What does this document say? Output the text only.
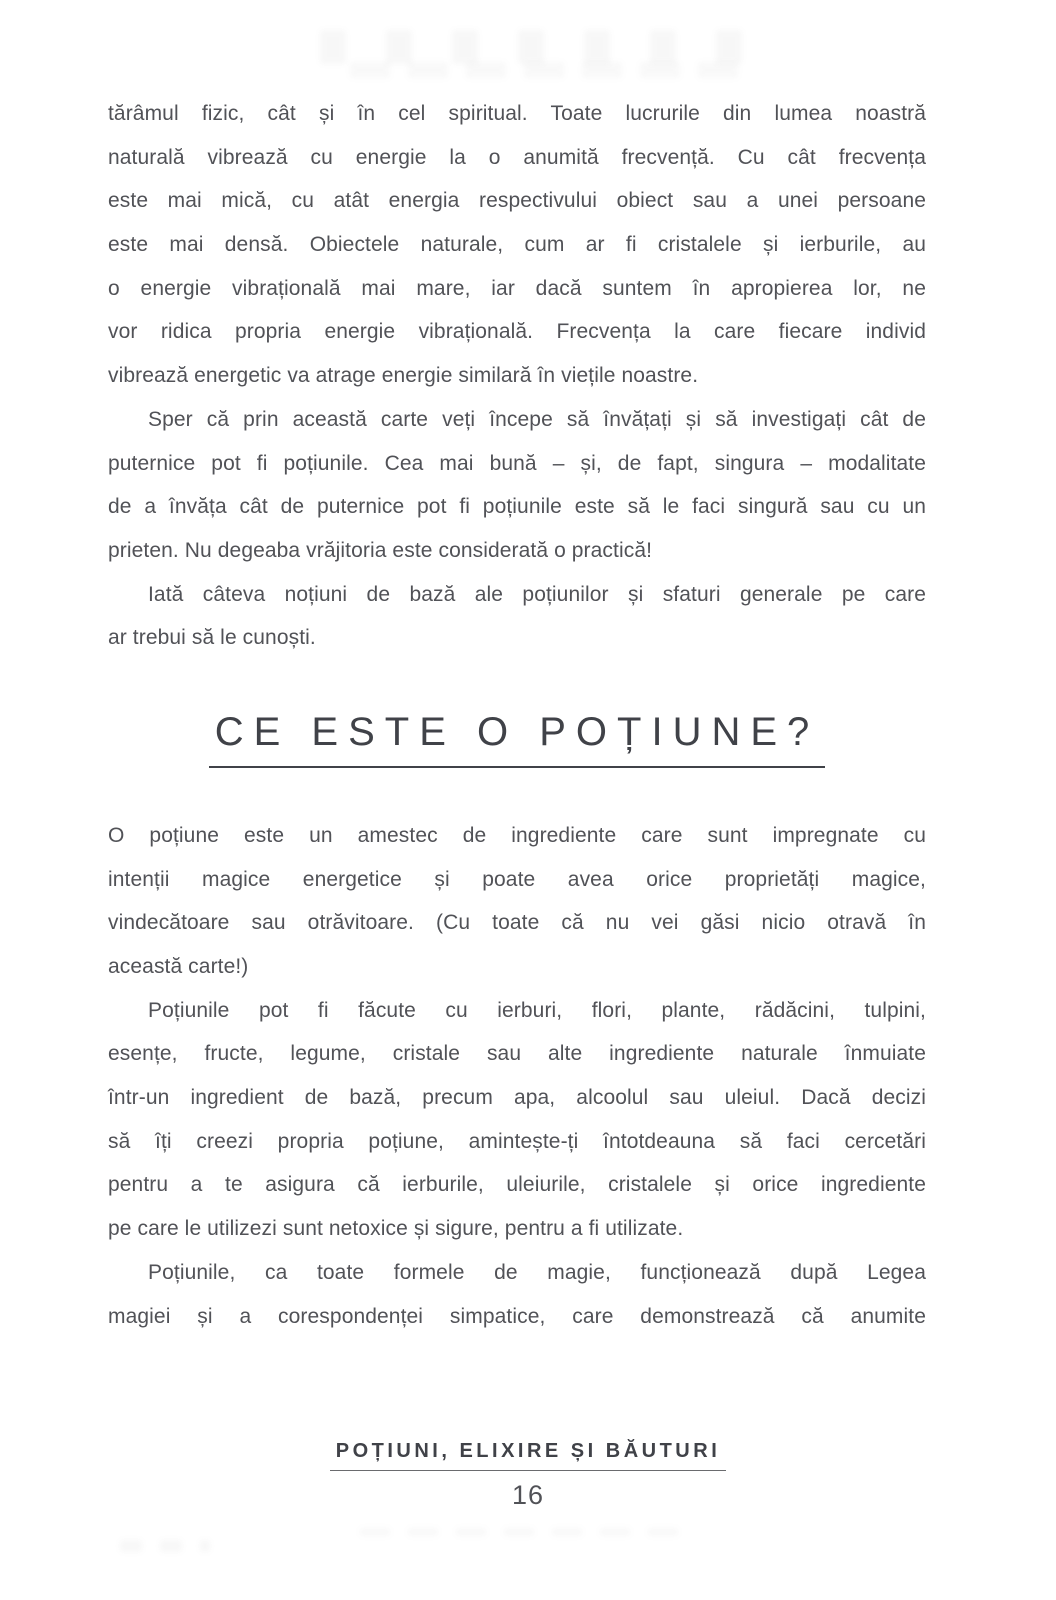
tărâmul fizic, cât și în cel spiritual. Toate lucrurile din lumea noastră
naturală vibrează cu energie la o anumită frecvență. Cu cât frecvența
este mai mică, cu atât energia respectivului obiect sau a unei persoane
este mai densă. Obiectele naturale, cum ar fi cristalele și ierburile, au
o energie vibrațională mai mare, iar dacă suntem în apropierea lor, ne
vor ridica propria energie vibrațională. Frecvența la care fiecare individ
vibrează energetic va atrage energie similară în viețile noastre.
Sper că prin această carte veți începe să învățați și să investigați cât de
puternice pot fi poțiunile. Cea mai bună – și, de fapt, singura – modalitate
de a învăța cât de puternice pot fi poțiunile este să le faci singură sau cu un
prieten. Nu degeaba vrăjitoria este considerată o practică!
Iată câteva noțiuni de bază ale poțiunilor și sfaturi generale pe care
ar trebui să le cunoști.
CE ESTE O POȚIUNE?
O poțiune este un amestec de ingrediente care sunt impregnate cu
intenții magice energetice și poate avea orice proprietăți magice,
vindecătoare sau otrăvitoare. (Cu toate că nu vei găsi nicio otravă în
această carte!)
Poțiunile pot fi făcute cu ierburi, flori, plante, rădăcini, tulpini,
esențe, fructe, legume, cristale sau alte ingrediente naturale înmuiate
într-un ingredient de bază, precum apa, alcoolul sau uleiul. Dacă decizi
să îți creezi propria poțiune, amintește-ți întotdeauna să faci cercetări
pentru a te asigura că ierburile, uleiurile, cristalele și orice ingrediente
pe care le utilizezi sunt netoxice și sigure, pentru a fi utilizate.
Poțiunile, ca toate formele de magie, funcționează după Legea
magiei și a corespondenței simpatice, care demonstrează că anumite
POȚIUNI, ELIXIRE ȘI BĂUTURI
16
